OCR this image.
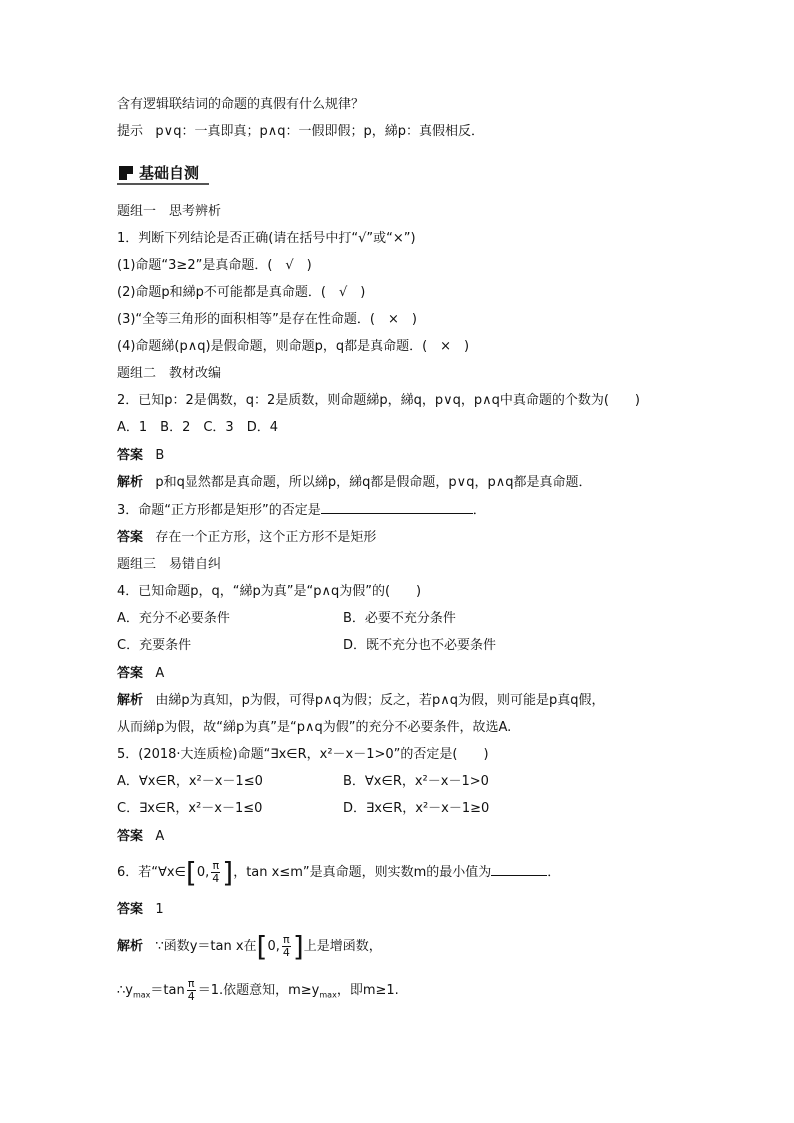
含有逻辑联结词的命题的真假有什么规律？
提示 p∨q：一真即真；p∧q：一假即假；p，綈p：真假相反．
基础自测
题组一　思考辨析
1．判断下列结论是否正确(请在括号中打“√”或“×”)
(1)命题“3≥2”是真命题．(　√　)
(2)命题p和綈p不可能都是真命题．(　√　)
(3)“全等三角形的面积相等”是存在性命题．(　×　)
(4)命题綈(p∧q)是假命题，则命题p，q都是真命题．(　×　)
题组二　教材改编
2．已知p：2是偶数，q：2是质数，则命题綈p，綈q，p∨q，p∧q中真命题的个数为(　　)
A．1　B．2　C．3　D．4
答案 B
解析 p和q显然都是真命题，所以綈p，綈q都是假命题，p∨q，p∧q都是真命题．
3．命题“正方形都是矩形”的否定是	．
答案 存在一个正方形，这个正方形不是矩形
题组三　易错自纠
4．已知命题p，q，“綈p为真”是“p∧q为假”的(　　)
A．充分不必要条件	B．必要不充分条件
C．充要条件	D．既不充分也不必要条件
答案 A
解析 由綈p为真知，p为假，可得p∧q为假；反之，若p∧q为假，则可能是p真q假，
从而綈p为假，故“綈p为真”是“p∧q为假”的充分不必要条件，故选A.
5．(2018·大连质检)命题“∃x∈R，x²－x－1>0”的否定是(　　)
A．∀x∈R，x²－x－1≤0	B．∀x∈R，x²－x－1>0
C．∃x∈R，x²－x－1≤0	D．∃x∈R，x²－x－1≥0
答案 A
6．若“∀x∈[0, $\frac{\pi}{4}$ ]，tan x≤m”是真命题，则实数m的最小值为	．
答案 1
解析 ∵函数y＝tan x在[0, $\frac{\pi}{4}$ ]上是增函数，
$\therefore y_{max}=\tan \frac{\pi}{4} =1$.依题意知，$m\ge y_{max}$，即m≥1.
